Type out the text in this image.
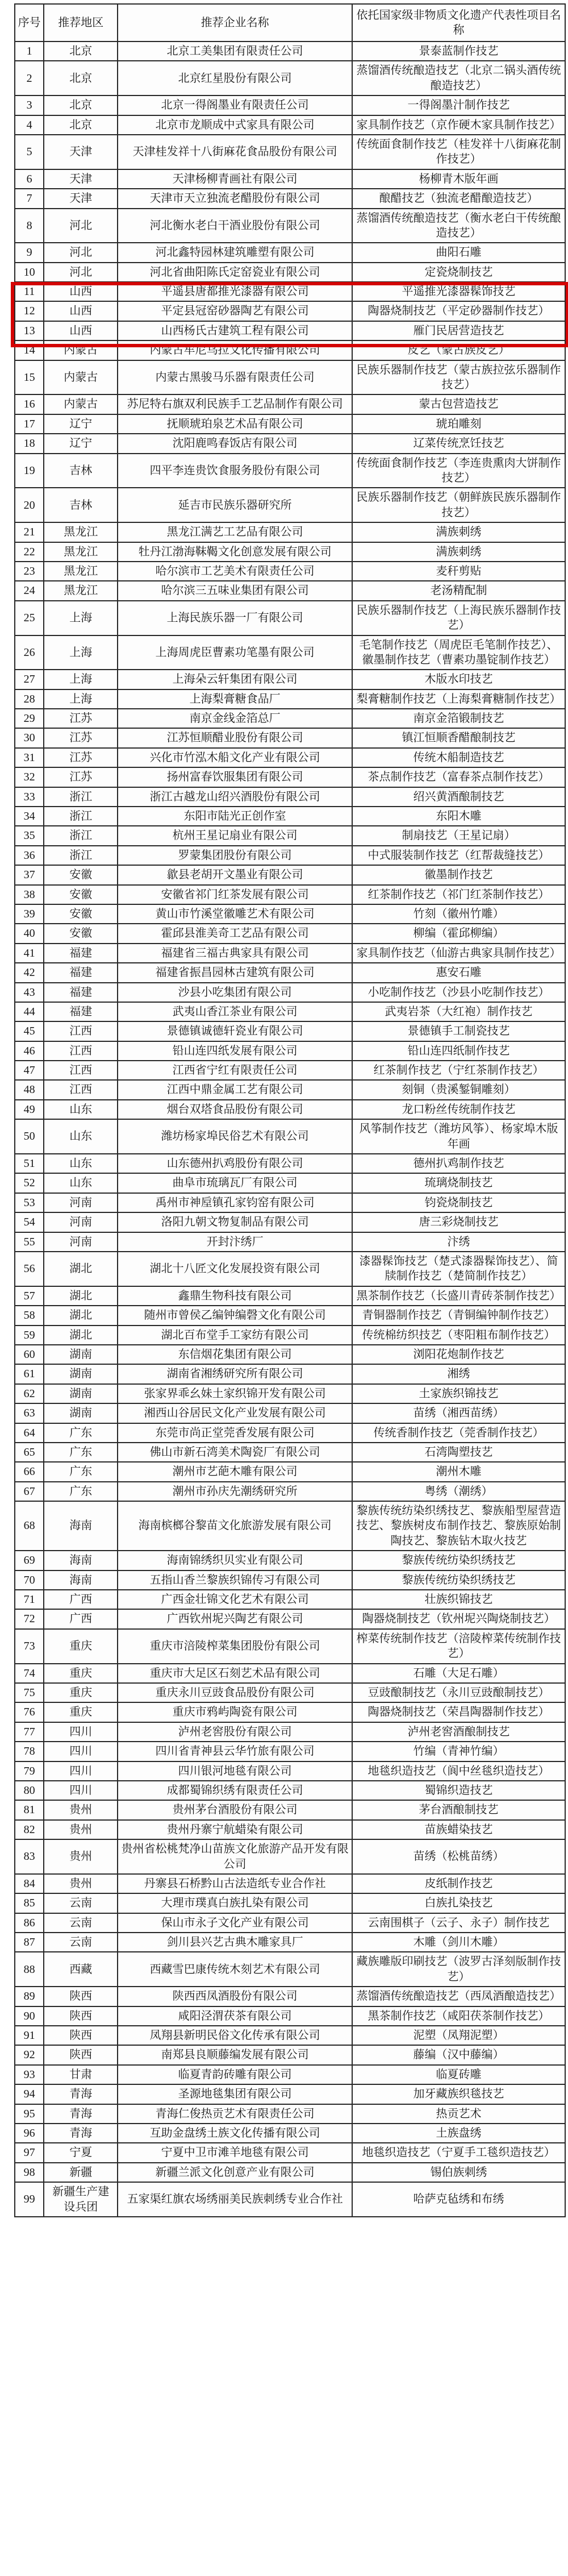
序号	推荐地区	推荐企业名称	依托国家级非物质文化遗产代表性项目名称
1	北京	北京工美集团有限责任公司	景泰蓝制作技艺
2	北京	北京红星股份有限公司	蒸馏酒传统酿造技艺（北京二锅头酒传统酿造技艺）
3	北京	北京一得阁墨业有限责任公司	一得阁墨汁制作技艺
4	北京	北京市龙顺成中式家具有限公司	家具制作技艺（京作硬木家具制作技艺）
5	天津	天津桂发祥十八街麻花食品股份有限公司	传统面食制作技艺（桂发祥十八街麻花制作技艺）
6	天津	天津杨柳青画社有限公司	杨柳青木版年画
7	天津	天津市天立独流老醋股份有限公司	酿醋技艺（独流老醋酿造技艺）
8	河北	河北衡水老白干酒业股份有限公司	蒸馏酒传统酿造技艺（衡水老白干传统酿造技艺）
9	河北	河北鑫特园林建筑雕塑有限公司	曲阳石雕
10	河北	河北省曲阳陈氏定窑瓷业有限公司	定瓷烧制技艺
11	山西	平遥县唐都推光漆器有限公司	平遥推光漆器髹饰技艺
12	山西	平定县冠窑砂器陶艺有限公司	陶器烧制技艺（平定砂器制作技艺）
13	山西	山西杨氏古建筑工程有限公司	雁门民居营造技艺
14	内蒙古	内蒙古牟尼乌拉文化传播有限公司	皮艺（蒙古族皮艺）
15	内蒙古	内蒙古黑骏马乐器有限责任公司	民族乐器制作技艺（蒙古族拉弦乐器制作技艺）
16	内蒙古	苏尼特右旗双利民族手工艺品制作有限公司	蒙古包营造技艺
17	辽宁	抚顺琥珀泉艺术品有限公司	琥珀雕刻
18	辽宁	沈阳鹿鸣春饭店有限公司	辽菜传统烹饪技艺
19	吉林	四平李连贵饮食服务股份有限公司	传统面食制作技艺（李连贵熏肉大饼制作技艺）
20	吉林	延吉市民族乐器研究所	民族乐器制作技艺（朝鲜族民族乐器制作技艺）
21	黑龙江	黑龙江满艺工艺品有限公司	满族刺绣
22	黑龙江	牡丹江渤海靺鞨文化创意发展有限公司	满族刺绣
23	黑龙江	哈尔滨市工艺美术有限责任公司	麦秆剪贴
24	黑龙江	哈尔滨三五味业集团有限公司	老汤精配制
25	上海	上海民族乐器一厂有限公司	民族乐器制作技艺（上海民族乐器制作技艺）
26	上海	上海周虎臣曹素功笔墨有限公司	毛笔制作技艺（周虎臣毛笔制作技艺）、徽墨制作技艺（曹素功墨锭制作技艺）
27	上海	上海朵云轩集团有限公司	木版水印技艺
28	上海	上海梨膏糖食品厂	梨膏糖制作技艺（上海梨膏糖制作技艺）
29	江苏	南京金线金箔总厂	南京金箔锻制技艺
30	江苏	江苏恒顺醋业股份有限公司	镇江恒顺香醋酿制技艺
31	江苏	兴化市竹泓木船文化产业有限公司	传统木船制造技艺
32	江苏	扬州富春饮服集团有限公司	茶点制作技艺（富春茶点制作技艺）
33	浙江	浙江古越龙山绍兴酒股份有限公司	绍兴黄酒酿制技艺
34	浙江	东阳市陆光正创作室	东阳木雕
35	浙江	杭州王星记扇业有限公司	制扇技艺（王星记扇）
36	浙江	罗蒙集团股份有限公司	中式服装制作技艺（红帮裁缝技艺）
37	安徽	歙县老胡开文墨业有限公司	徽墨制作技艺
38	安徽	安徽省祁门红茶发展有限公司	红茶制作技艺（祁门红茶制作技艺）
39	安徽	黄山市竹溪堂徽雕艺术有限公司	竹刻（徽州竹雕）
40	安徽	霍邱县淮美奇工艺品有限公司	柳编（霍邱柳编）
41	福建	福建省三福古典家具有限公司	家具制作技艺（仙游古典家具制作技艺）
42	福建	福建省振昌园林古建筑有限公司	惠安石雕
43	福建	沙县小吃集团有限公司	小吃制作技艺（沙县小吃制作技艺）
44	福建	武夷山香江茶业有限公司	武夷岩茶（大红袍）制作技艺
45	江西	景德镇诚德轩瓷业有限公司	景德镇手工制瓷技艺
46	江西	铅山连四纸发展有限公司	铅山连四纸制作技艺
47	江西	江西省宁红有限责任公司	红茶制作技艺（宁红茶制作技艺）
48	江西	江西中鼎金属工艺有限公司	刻铜（贵溪錾铜雕刻）
49	山东	烟台双塔食品股份有限公司	龙口粉丝传统制作技艺
50	山东	潍坊杨家埠民俗艺术有限公司	风筝制作技艺（潍坊风筝）、杨家埠木版年画
51	山东	山东德州扒鸡股份有限公司	德州扒鸡制作技艺
52	山东	曲阜市琉璃瓦厂有限公司	琉璃烧制技艺
53	河南	禹州市神垕镇孔家钧窑有限公司	钧瓷烧制技艺
54	河南	洛阳九朝文物复制品有限公司	唐三彩烧制技艺
55	河南	开封汴绣厂	汴绣
56	湖北	湖北十八匠文化发展投资有限公司	漆器髹饰技艺（楚式漆器髹饰技艺）、简牍制作技艺（楚简制作技艺）
57	湖北	鑫鼎生物科技有限公司	黑茶制作技艺（长盛川青砖茶制作技艺）
58	湖北	随州市曾侯乙编钟编磬文化有限公司	青铜器制作技艺（青铜编钟制作技艺）
59	湖北	湖北百布堂手工家纺有限公司	传统棉纺织技艺（枣阳粗布制作技艺）
60	湖南	东信烟花集团有限公司	浏阳花炮制作技艺
61	湖南	湖南省湘绣研究所有限公司	湘绣
62	湖南	张家界乖幺妹土家织锦开发有限公司	土家族织锦技艺
63	湖南	湘西山谷居民文化产业发展有限公司	苗绣（湘西苗绣）
64	广东	东莞市尚正堂莞香发展有限公司	传统香制作技艺（莞香制作技艺）
65	广东	佛山市新石湾美术陶瓷厂有限公司	石湾陶塑技艺
66	广东	潮州市艺葩木雕有限公司	潮州木雕
67	广东	潮州市孙庆先潮绣研究所	粤绣（潮绣）
68	海南	海南槟榔谷黎苗文化旅游发展有限公司	黎族传统纺染织绣技艺、黎族船型屋营造技艺、黎族树皮布制作技艺、黎族原始制陶技艺、黎族钻木取火技艺
69	海南	海南锦绣织贝实业有限公司	黎族传统纺染织绣技艺
70	海南	五指山香兰黎族织锦传习有限公司	黎族传统纺染织绣技艺
71	广西	广西金壮锦文化艺术有限公司	壮族织锦技艺
72	广西	广西钦州坭兴陶艺有限公司	陶器烧制技艺（钦州坭兴陶烧制技艺）
73	重庆	重庆市涪陵榨菜集团股份有限公司	榨菜传统制作技艺（涪陵榨菜传统制作技艺）
74	重庆	重庆市大足区石刻艺术品有限公司	石雕（大足石雕）
75	重庆	重庆永川豆豉食品股份有限公司	豆豉酿制技艺（永川豆豉酿制技艺）
76	重庆	重庆市鸦屿陶瓷有限公司	陶器烧制技艺（荣昌陶器制作技艺）
77	四川	泸州老窖股份有限公司	泸州老窖酒酿制技艺
78	四川	四川省青神县云华竹旅有限公司	竹编（青神竹编）
79	四川	四川银河地毯有限公司	地毯织造技艺（阆中丝毯织造技艺）
80	四川	成都蜀锦织绣有限责任公司	蜀锦织造技艺
81	贵州	贵州茅台酒股份有限公司	茅台酒酿制技艺
82	贵州	贵州丹寨宁航蜡染有限公司	苗族蜡染技艺
83	贵州	贵州省松桃梵净山苗族文化旅游产品开发有限公司	苗绣（松桃苗绣）
84	贵州	丹寨县石桥黔山古法造纸专业合作社	皮纸制作技艺
85	云南	大理市璞真白族扎染有限公司	白族扎染技艺
86	云南	保山市永子文化产业有限公司	云南围棋子（云子、永子）制作技艺
87	云南	剑川县兴艺古典木雕家具厂	木雕（剑川木雕）
88	西藏	西藏雪巴康传统木刻艺术有限公司	藏族雕版印刷技艺（波罗古泽刻版制作技艺）
89	陕西	陕西西凤酒股份有限公司	蒸馏酒传统酿造技艺（西凤酒酿造技艺）
90	陕西	咸阳泾渭茯茶有限公司	黑茶制作技艺（咸阳茯茶制作技艺）
91	陕西	凤翔县新明民俗文化传承有限公司	泥塑（凤翔泥塑）
92	陕西	南郑县良顺藤编发展有限公司	藤编（汉中藤编）
93	甘肃	临夏青韵砖雕有限公司	临夏砖雕
94	青海	圣源地毯集团有限公司	加牙藏族织毯技艺
95	青海	青海仁俊热贡艺术有限责任公司	热贡艺术
96	青海	互助金盘绣土族文化传播有限公司	土族盘绣
97	宁夏	宁夏中卫市滩羊地毯有限公司	地毯织造技艺（宁夏手工毯织造技艺）
98	新疆	新疆兰派文化创意产业有限公司	锡伯族刺绣
99	新疆生产建设兵团	五家渠红旗农场绣丽美民族刺绣专业合作社	哈萨克毡绣和布绣
